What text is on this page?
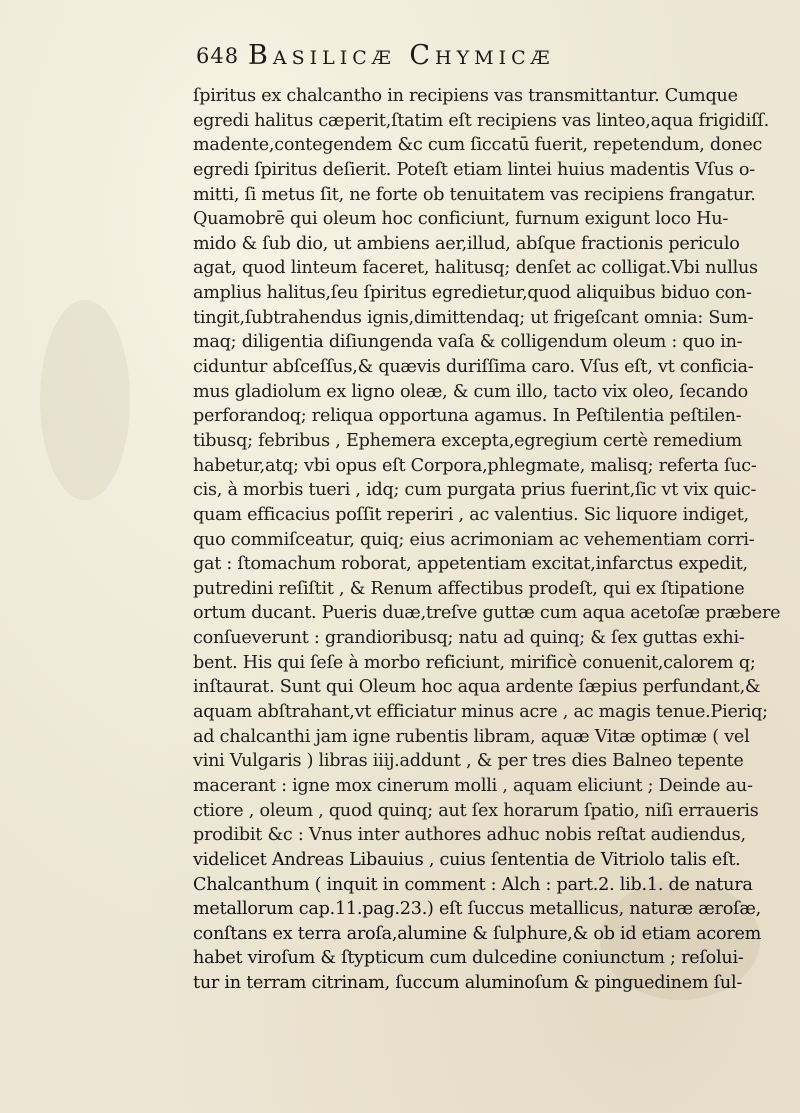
648 Basilicæ Chymicæ
ſpiritus ex chalcantho in recipiens vas transmittantur. Cumque
egredi halitus cæperit,ſtatim eſt recipiens vas linteo,aqua frigidiſſ.
madente,contegendem &c cum ſiccatū fuerit, repetendum, donec
egredi ſpiritus deſierit. Poteſt etiam lintei huius madentis Vſus o-
mitti, ſi metus ſit, ne forte ob tenuitatem vas recipiens frangatur.
Quamobrē qui oleum hoc conficiunt, furnum exigunt loco Hu-
mido & ſub dio, ut ambiens aer,illud, abſque fractionis periculo
agat, quod linteum faceret, halitusq; denſet ac colligat.Vbi nullus
amplius halitus,ſeu ſpiritus egredietur,quod aliquibus biduo con-
tingit,ſubtrahendus ignis,dimittendaq; ut frigeſcant omnia: Sum-
maq; diligentia diſiungenda vaſa & colligendum oleum : quo in-
ciduntur abſceſſus,& quævis duriſſima caro. Vſus eſt, vt conficia-
mus gladiolum ex ligno oleæ, & cum illo, tacto vix oleo, ſecando
perforandoq; reliqua opportuna agamus. In Peſtilentia peſtilen-
tibusq; febribus , Ephemera excepta,egregium certè remedium
habetur,atq; vbi opus eſt Corpora,phlegmate, malisq; referta ſuc-
cis, à morbis tueri , idq; cum purgata prius fuerint,ſic vt vix quic-
quam efficacius poſſit reperiri , ac valentius. Sic liquore indiget,
quo commiſceatur, quiq; eius acrimoniam ac vehementiam corri-
gat : ſtomachum roborat, appetentiam excitat,infarctus expedit,
putredini reſiſtit , & Renum affectibus prodeſt, qui ex ſtipatione
ortum ducant. Pueris duæ,treſve guttæ cum aqua acetoſæ præbere
conſueverunt : grandioribusq; natu ad quinq; & ſex guttas exhi-
bent. His qui ſeſe à morbo reficiunt, mirificè conuenit,calorem q;
inſtaurat. Sunt qui Oleum hoc aqua ardente ſæpius perfundant,&
aquam abſtrahant,vt efficiatur minus acre , ac magis tenue.Pieriq;
ad chalcanthi jam igne rubentis libram, aquæ Vitæ optimæ ( vel
vini Vulgaris ) libras iiij.addunt , & per tres dies Balneo tepente
macerant : igne mox cinerum molli , aquam eliciunt ; Deinde au-
ctiore , oleum , quod quinq; aut ſex horarum ſpatio, niſi erraueris
prodibit &c : Vnus inter authores adhuc nobis reſtat audiendus,
videlicet Andreas Libauius , cuius ſententia de Vitriolo talis eſt.
Chalcanthum ( inquit in comment : Alch : part.2. lib.1. de natura
metallorum cap.11.pag.23.) eſt ſuccus metallicus, naturæ æroſæ,
conſtans ex terra aroſa,alumine & ſulphure,& ob id etiam acorem
habet viroſum & ſtypticum cum dulcedine coniunctum ; reſolui-
tur in terram citrinam, ſuccum aluminoſum & pinguedinem ſul-
